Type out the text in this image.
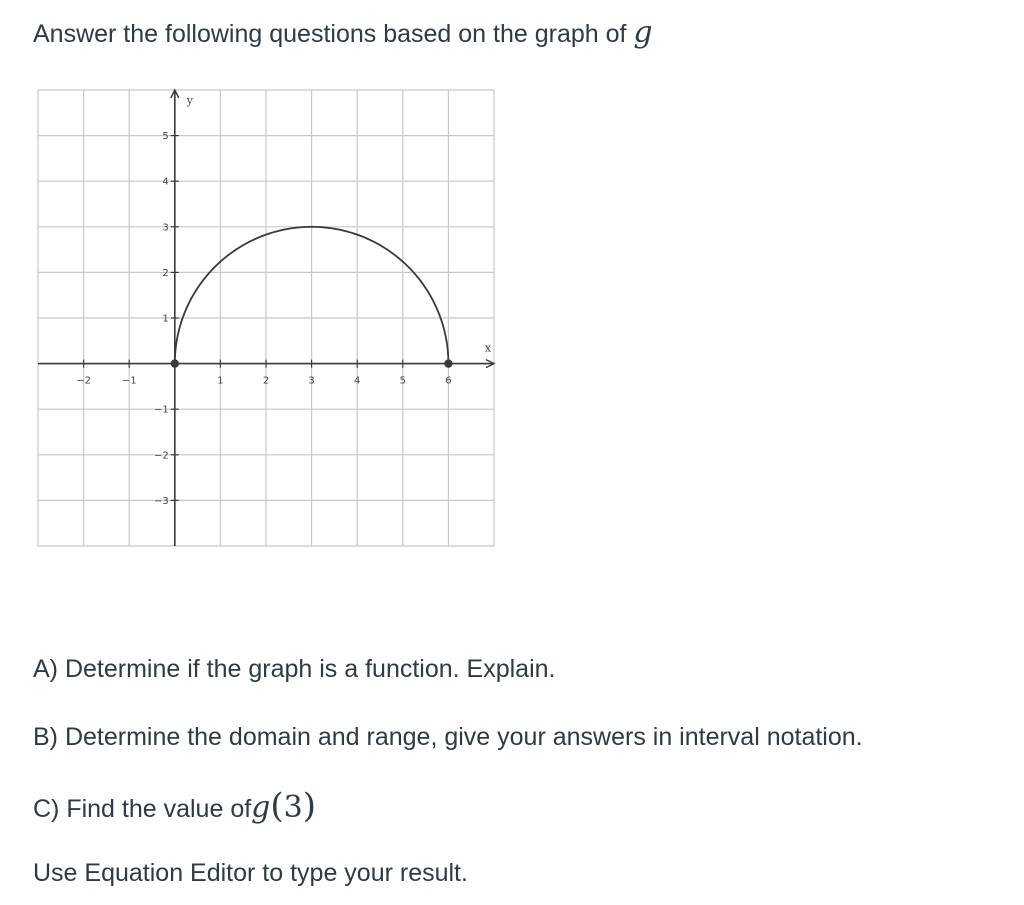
Answer the following questions based on the graph of g
x
y
−2	−1	1	2	3	4	5	6
−3
−2
−1
1
2
3
4
5
A) Determine if the graph is a function. Explain.
B) Determine the domain and range, give your answers in interval notation.
C) Find the value ofg(3)
Use Equation Editor to type your result.
